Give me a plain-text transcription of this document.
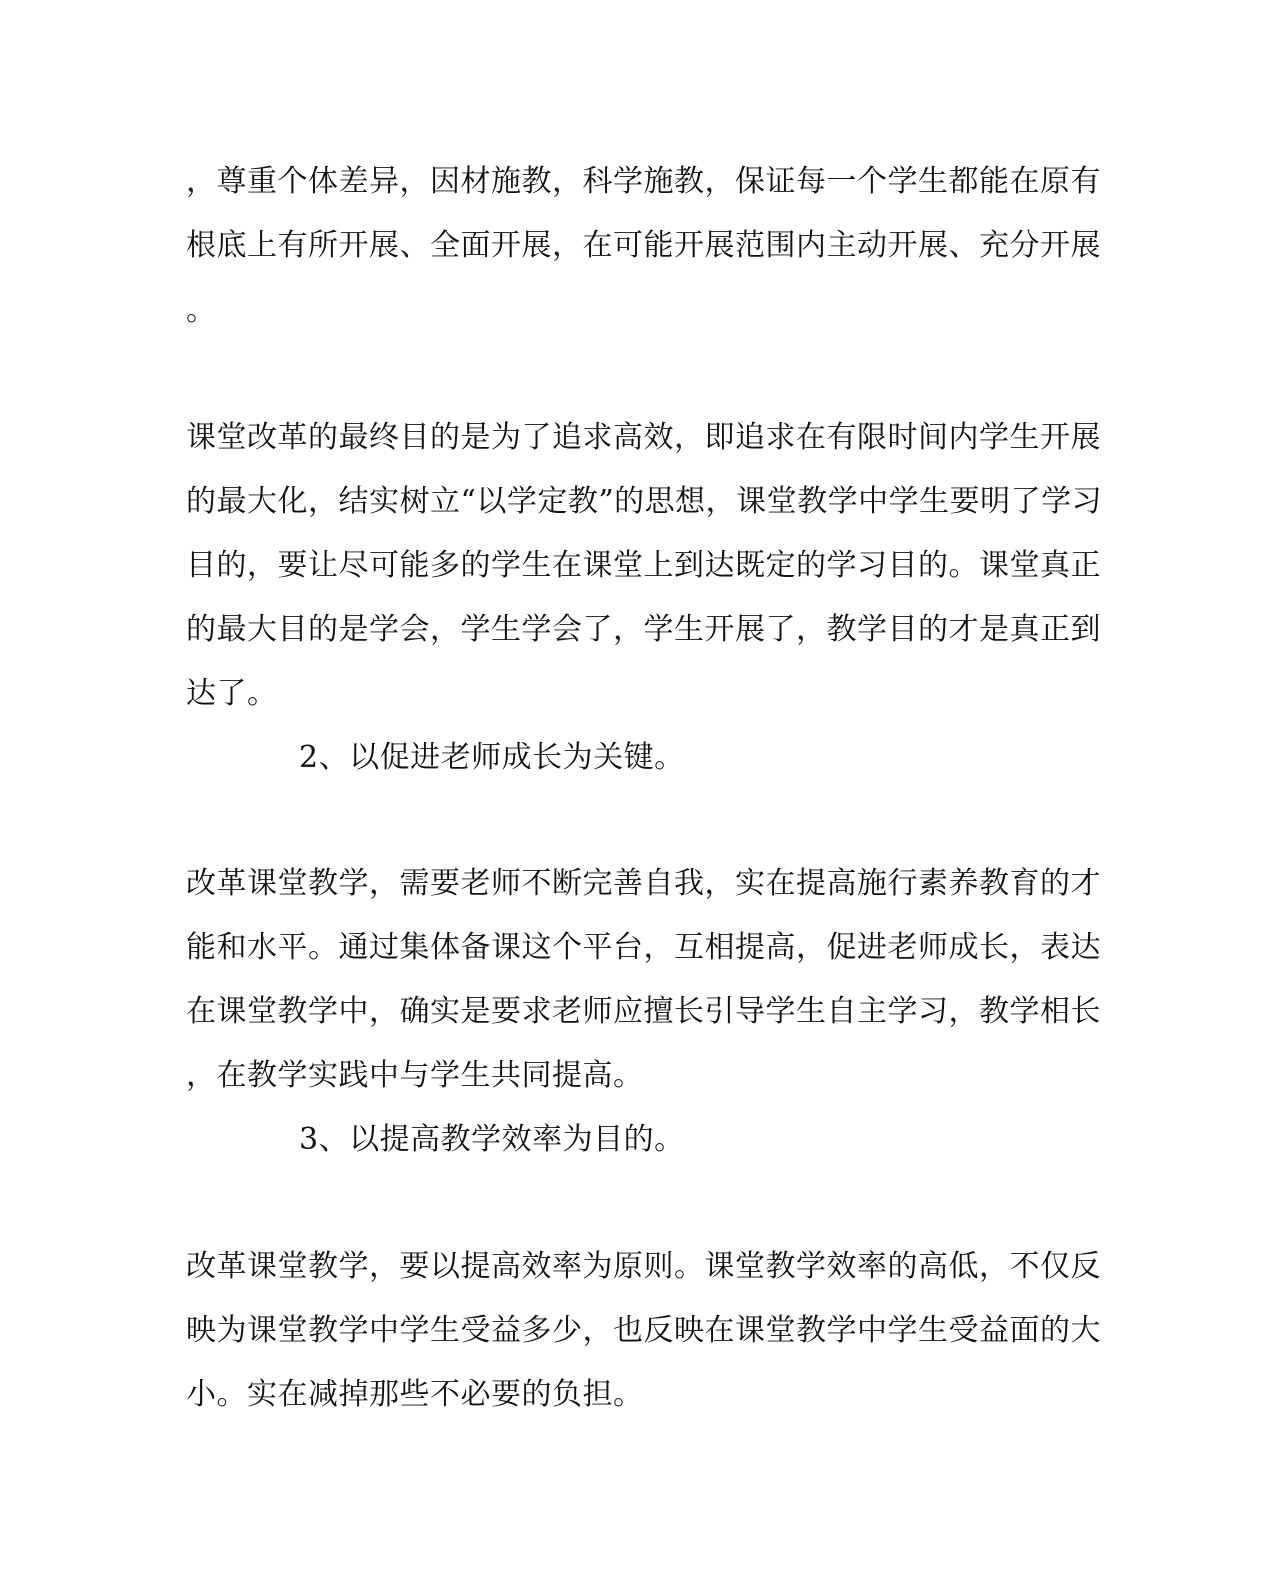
，尊重个体差异，因材施教，科学施教，保证每一个学生都能在原有
根底上有所开展、全面开展，在可能开展范围内主动开展、充分开展
。
课堂改革的最终目的是为了追求高效，即追求在有限时间内学生开展
的最大化，结实树立“以学定教”的思想，课堂教学中学生要明了学习
目的，要让尽可能多的学生在课堂上到达既定的学习目的。课堂真正
的最大目的是学会，学生学会了，学生开展了，教学目的才是真正到
达了。
2、以促进老师成长为关键。
改革课堂教学，需要老师不断完善自我，实在提高施行素养教育的才
能和水平。通过集体备课这个平台，互相提高，促进老师成长，表达
在课堂教学中，确实是要求老师应擅长引导学生自主学习，教学相长
，在教学实践中与学生共同提高。
3、以提高教学效率为目的。
改革课堂教学，要以提高效率为原则。课堂教学效率的高低，不仅反
映为课堂教学中学生受益多少，也反映在课堂教学中学生受益面的大
小。实在减掉那些不必要的负担。
